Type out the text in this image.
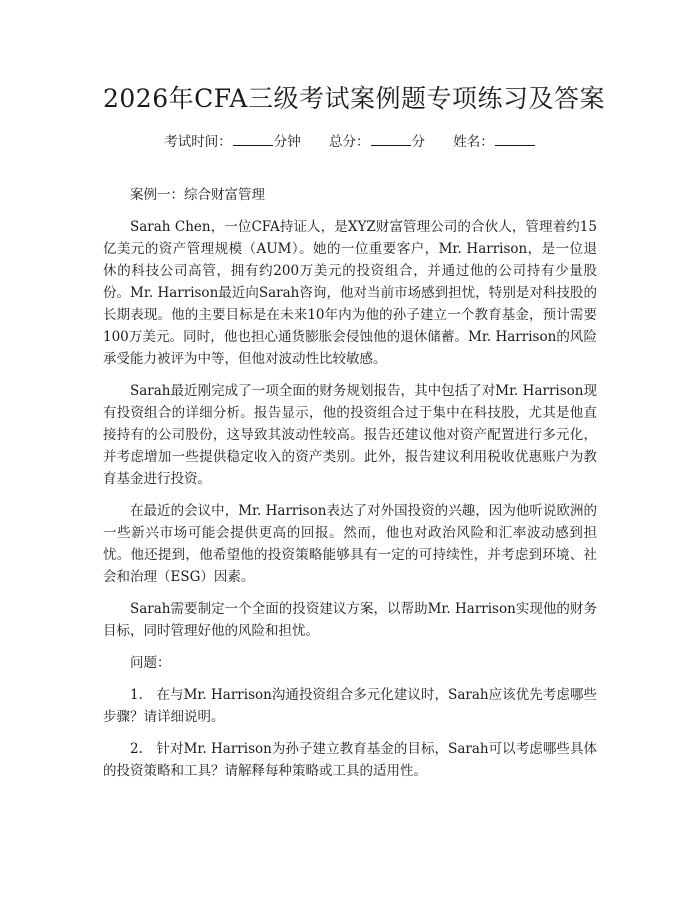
2026年CFA三级考试案例题专项练习及答案
考试时间：	分钟 总分：	分 姓名：

案例一：综合财富管理

Sarah Chen，一位CFA持证人，是XYZ财富管理公司的合伙人，管理着约15亿美元的资产管理规模（AUM）。她的一位重要客户，Mr. Harrison，是一位退休的科技公司高管，拥有约200万美元的投资组合，并通过他的公司持有少量股份。Mr. Harrison最近向Sarah咨询，他对当前市场感到担忧，特别是对科技股的长期表现。他的主要目标是在未来10年内为他的孙子建立一个教育基金，预计需要100万美元。同时，他也担心通货膨胀会侵蚀他的退休储蓄。Mr. Harrison的风险承受能力被评为中等，但他对波动性比较敏感。

Sarah最近刚完成了一项全面的财务规划报告，其中包括了对Mr. Harrison现有投资组合的详细分析。报告显示，他的投资组合过于集中在科技股，尤其是他直接持有的公司股份，这导致其波动性较高。报告还建议他对资产配置进行多元化，并考虑增加一些提供稳定收入的资产类别。此外，报告建议利用税收优惠账户为教育基金进行投资。

在最近的会议中，Mr. Harrison表达了对外国投资的兴趣，因为他听说欧洲的一些新兴市场可能会提供更高的回报。然而，他也对政治风险和汇率波动感到担忧。他还提到，他希望他的投资策略能够具有一定的可持续性，并考虑到环境、社会和治理（ESG）因素。

Sarah需要制定一个全面的投资建议方案，以帮助Mr. Harrison实现他的财务目标，同时管理好他的风险和担忧。

问题：

1.　在与Mr. Harrison沟通投资组合多元化建议时，Sarah应该优先考虑哪些步骤？请详细说明。

2.　针对Mr. Harrison为孙子建立教育基金的目标，Sarah可以考虑哪些具体的投资策略和工具？请解释每种策略或工具的适用性。
